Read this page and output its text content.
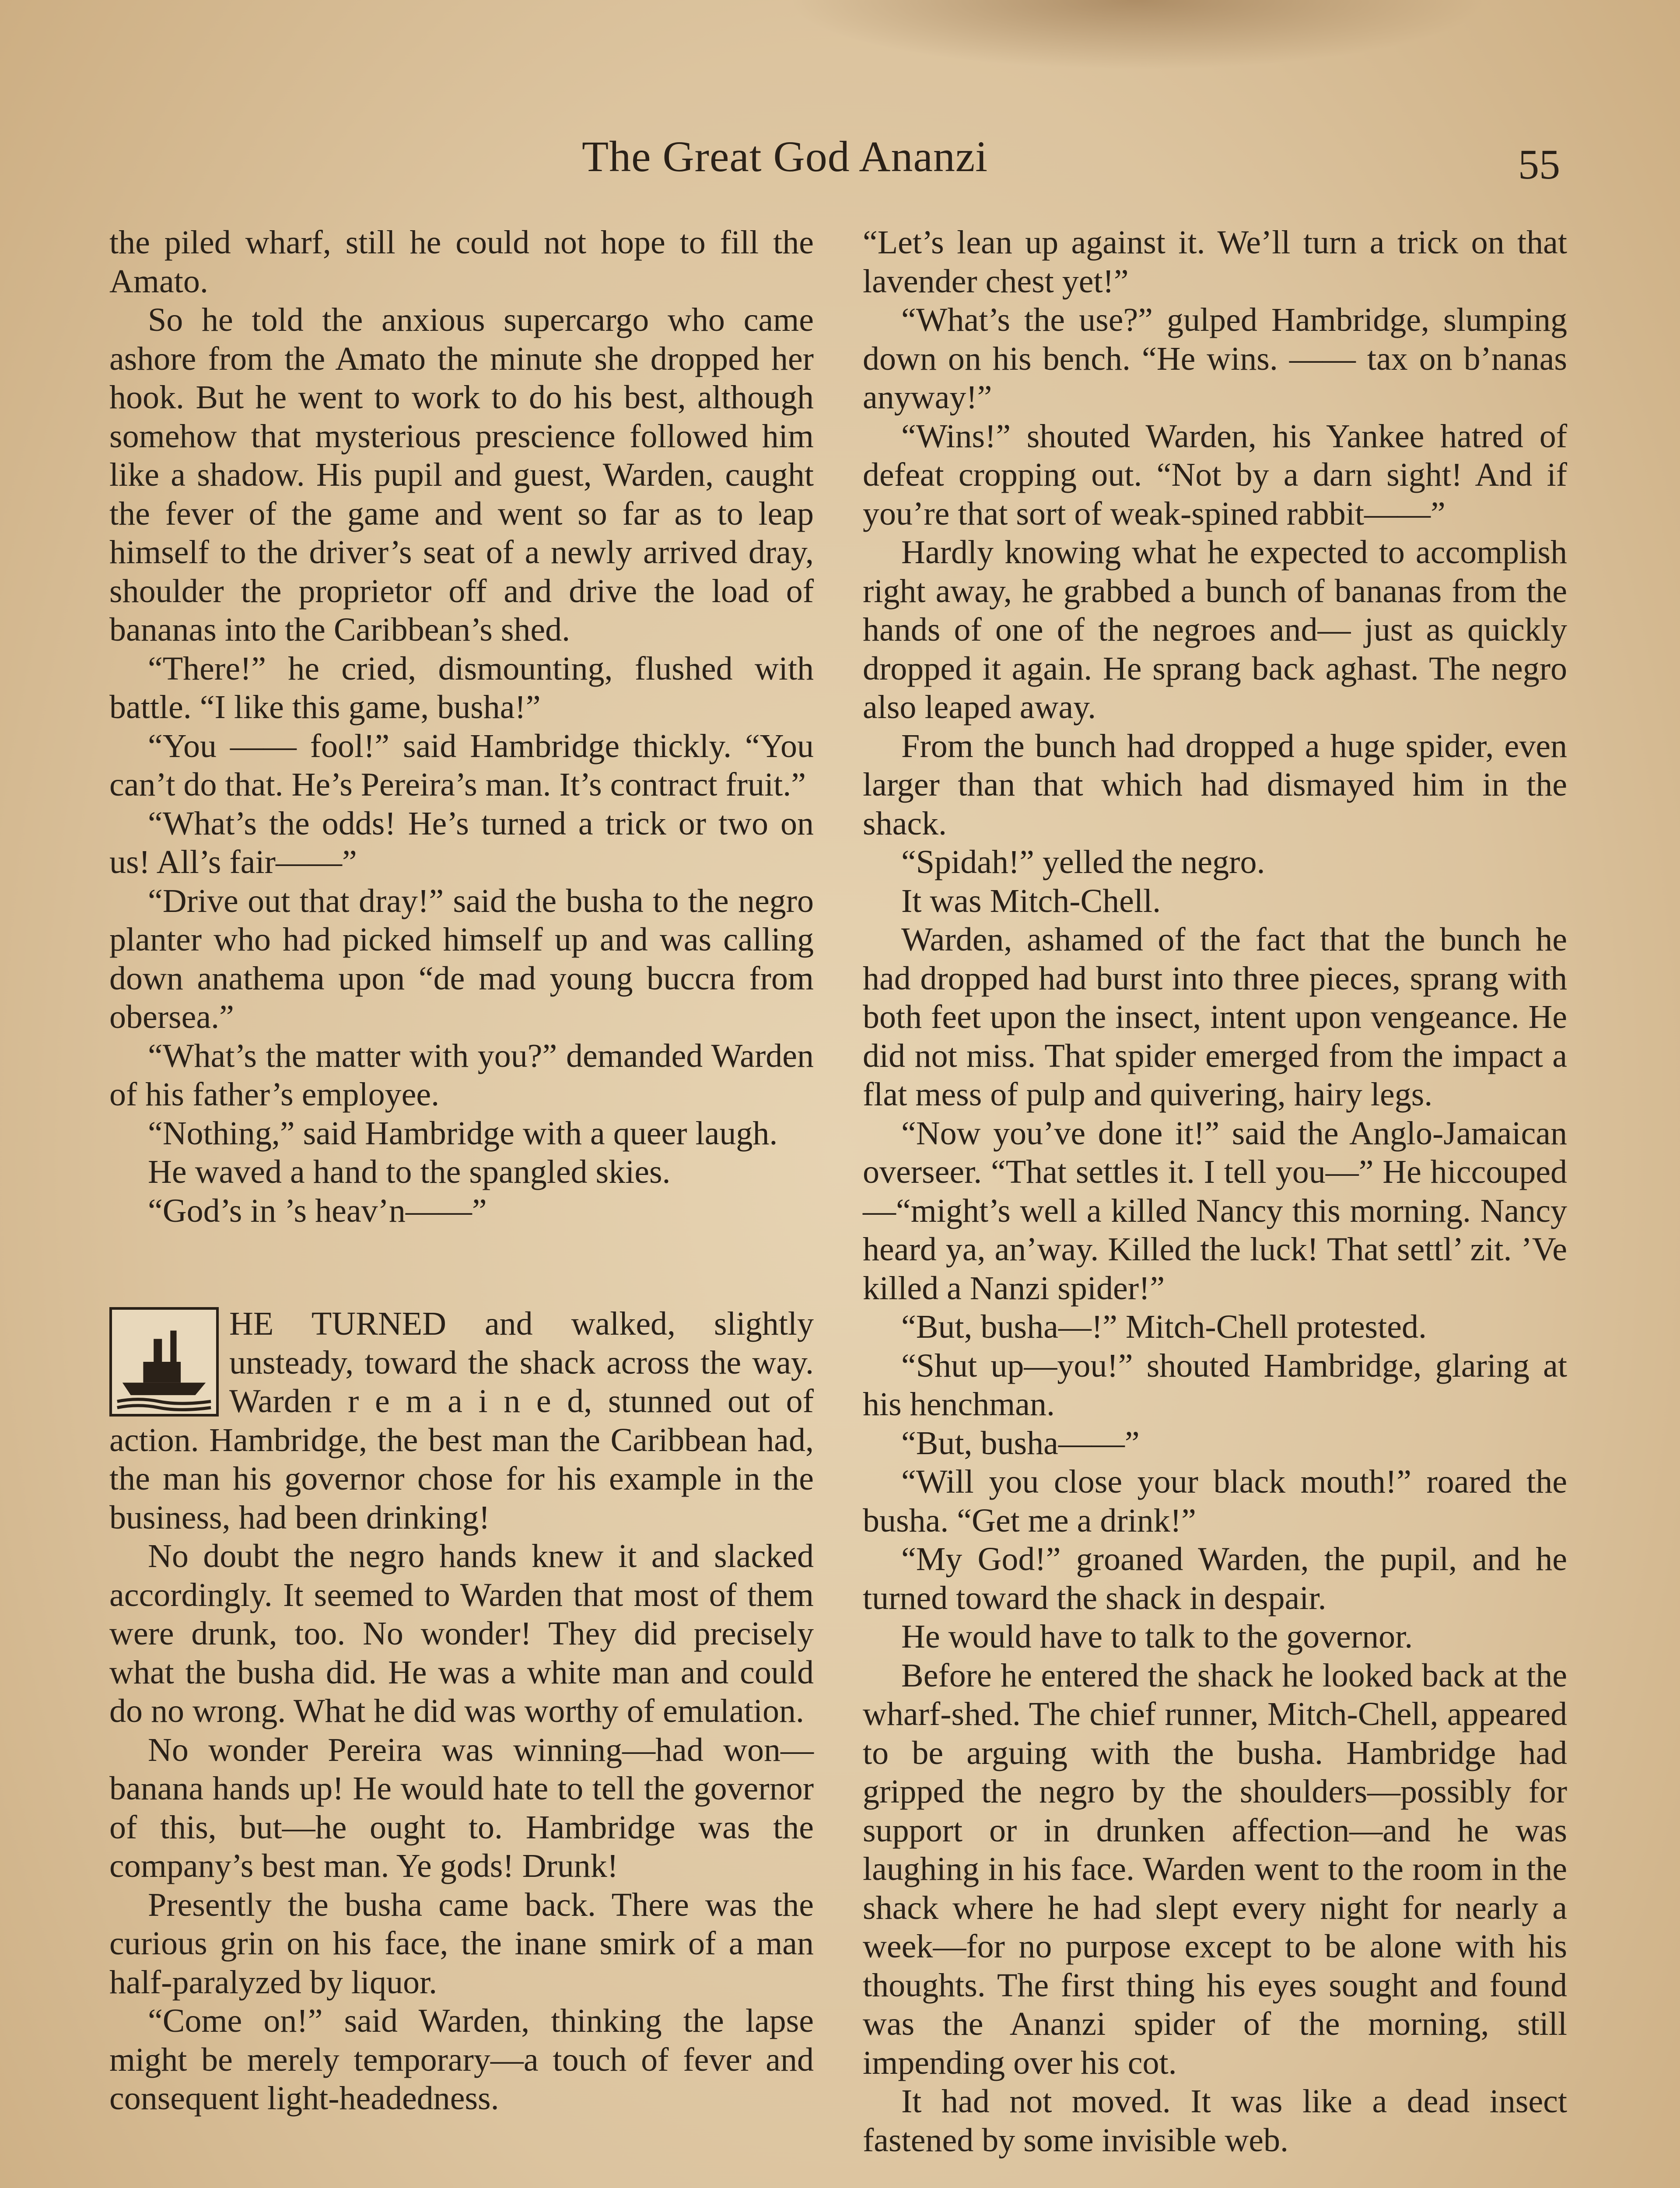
The Great God Ananzi	55

the piled wharf, still he could not hope to fill the Amato.

So he told the anxious supercargo who came ashore from the Amato the minute she dropped her hook. But he went to work to do his best, although somehow that mysterious prescience followed him like a shadow. His pupil and guest, Warden, caught the fever of the game and went so far as to leap himself to the driver’s seat of a newly arrived dray, shoulder the proprietor off and drive the load of bananas into the Caribbean’s shed.

“There!” he cried, dismounting, flushed with battle. “I like this game, busha!”

“You —— fool!” said Hambridge thickly. “You can’t do that. He’s Pereira’s man. It’s contract fruit.”

“What’s the odds! He’s turned a trick or two on us! All’s fair——”

“Drive out that dray!” said the busha to the negro planter who had picked himself up and was calling down anathema upon “de mad young buccra from obersea.”

“What’s the matter with you?” demanded Warden of his father’s employee.

“Nothing,” said Hambridge with a queer laugh.

He waved a hand to the spangled skies.

“God’s in ’s heav’n——”

HE TURNED and walked, slightly unsteady, toward the shack across the way. Warden r e m a i n e d, stunned out of action. Hambridge, the best man the Caribbean had, the man his governor chose for his example in the business, had been drinking!

No doubt the negro hands knew it and slacked accordingly. It seemed to Warden that most of them were drunk, too. No wonder! They did precisely what the busha did. He was a white man and could do no wrong. What he did was worthy of emulation.

No wonder Pereira was winning—had won—banana hands up! He would hate to tell the governor of this, but—he ought to. Hambridge was the company’s best man. Ye gods! Drunk!

Presently the busha came back. There was the curious grin on his face, the inane smirk of a man half-paralyzed by liquor.

“Come on!” said Warden, thinking the lapse might be merely temporary—a touch of fever and consequent light-headedness.

“Let’s lean up against it. We’ll turn a trick on that lavender chest yet!”

“What’s the use?” gulped Hambridge, slumping down on his bench. “He wins. —— tax on b’nanas anyway!”

“Wins!” shouted Warden, his Yankee hatred of defeat cropping out. “Not by a darn sight! And if you’re that sort of weak-spined rabbit——”

Hardly knowing what he expected to accomplish right away, he grabbed a bunch of bananas from the hands of one of the negroes and— just as quickly dropped it again. He sprang back aghast. The negro also leaped away.

From the bunch had dropped a huge spider, even larger than that which had dismayed him in the shack.

“Spidah!” yelled the negro.

It was Mitch-Chell.

Warden, ashamed of the fact that the bunch he had dropped had burst into three pieces, sprang with both feet upon the insect, intent upon vengeance. He did not miss. That spider emerged from the impact a flat mess of pulp and quivering, hairy legs.

“Now you’ve done it!” said the Anglo-Jamaican overseer. “That settles it. I tell you—” He hiccouped—“might’s well a killed Nancy this morning. Nancy heard ya, an’way. Killed the luck! That settl’ zit. ’Ve killed a Nanzi spider!”

“But, busha—!” Mitch-Chell protested.

“Shut up—you!” shouted Hambridge, glaring at his henchman.

“But, busha——”

“Will you close your black mouth!” roared the busha. “Get me a drink!”

“My God!” groaned Warden, the pupil, and he turned toward the shack in despair.

He would have to talk to the governor.

Before he entered the shack he looked back at the wharf-shed. The chief runner, Mitch-Chell, appeared to be arguing with the busha. Hambridge had gripped the negro by the shoulders—possibly for support or in drunken affection—and he was laughing in his face. Warden went to the room in the shack where he had slept every night for nearly a week—for no purpose except to be alone with his thoughts. The first thing his eyes sought and found was the Ananzi spider of the morning, still impending over his cot.

It had not moved. It was like a dead insect fastened by some invisible web.
